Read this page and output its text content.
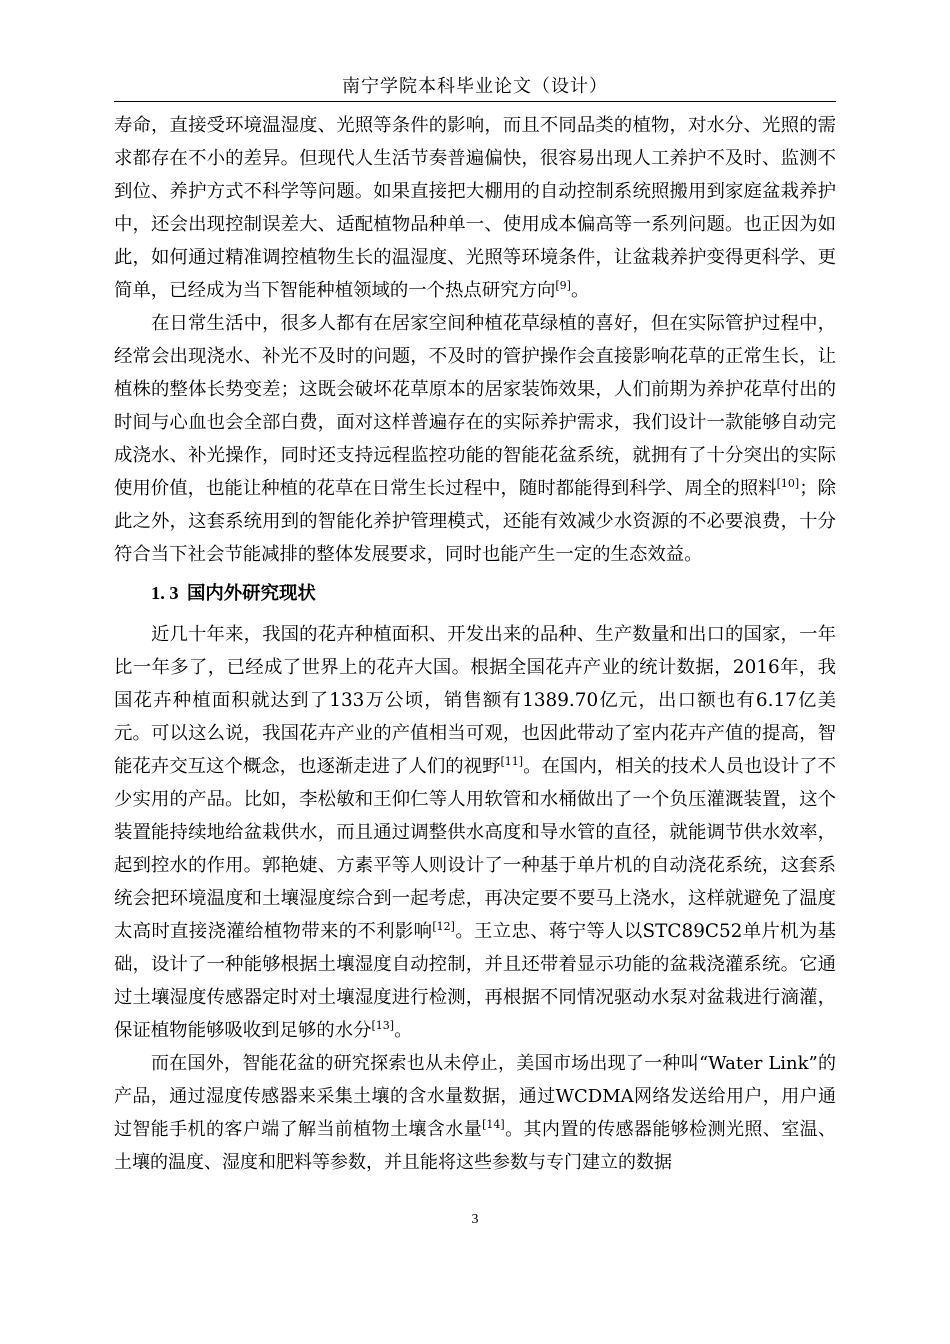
南宁学院本科毕业论文（设计）

寿命，直接受环境温湿度、光照等条件的影响，而且不同品类的植物，对水分、光照的需求都存在不小的差异。但现代人生活节奏普遍偏快，很容易出现人工养护不及时、监测不到位、养护方式不科学等问题。如果直接把大棚用的自动控制系统照搬用到家庭盆栽养护中，还会出现控制误差大、适配植物品种单一、使用成本偏高等一系列问题。也正因为如此，如何通过精准调控植物生长的温湿度、光照等环境条件，让盆栽养护变得更科学、更简单，已经成为当下智能种植领域的一个热点研究方向[9]。

在日常生活中，很多人都有在居家空间种植花草绿植的喜好，但在实际管护过程中，经常会出现浇水、补光不及时的问题，不及时的管护操作会直接影响花草的正常生长，让植株的整体长势变差；这既会破坏花草原本的居家装饰效果，人们前期为养护花草付出的时间与心血也会全部白费，面对这样普遍存在的实际养护需求，我们设计一款能够自动完成浇水、补光操作，同时还支持远程监控功能的智能花盆系统，就拥有了十分突出的实际使用价值，也能让种植的花草在日常生长过程中，随时都能得到科学、周全的照料[10]；除此之外，这套系统用到的智能化养护管理模式，还能有效减少水资源的不必要浪费，十分符合当下社会节能减排的整体发展要求，同时也能产生一定的生态效益。

1. 3 国内外研究现状

近几十年来，我国的花卉种植面积、开发出来的品种、生产数量和出口的国家，一年比一年多了，已经成了世界上的花卉大国。根据全国花卉产业的统计数据，2016年，我国花卉种植面积就达到了133万公顷，销售额有1389.70亿元，出口额也有6.17亿美元。可以这么说，我国花卉产业的产值相当可观，也因此带动了室内花卉产值的提高，智能花卉交互这个概念，也逐渐走进了人们的视野[11]。在国内，相关的技术人员也设计了不少实用的产品。比如，李松敏和王仰仁等人用软管和水桶做出了一个负压灌溉装置，这个装置能持续地给盆栽供水，而且通过调整供水高度和导水管的直径，就能调节供水效率，起到控水的作用。郭艳婕、方素平等人则设计了一种基于单片机的自动浇花系统，这套系统会把环境温度和土壤湿度综合到一起考虑，再决定要不要马上浇水，这样就避免了温度太高时直接浇灌给植物带来的不利影响[12]。王立忠、蒋宁等人以STC89C52单片机为基础，设计了一种能够根据土壤湿度自动控制，并且还带着显示功能的盆栽浇灌系统。它通过土壤湿度传感器定时对土壤湿度进行检测，再根据不同情况驱动水泵对盆栽进行滴灌，保证植物能够吸收到足够的水分[13]。

而在国外，智能花盆的研究探索也从未停止，美国市场出现了一种叫“Water Link”的产品，通过湿度传感器来采集土壤的含水量数据，通过WCDMA网络发送给用户，用户通过智能手机的客户端了解当前植物土壤含水量[14]。其内置的传感器能够检测光照、室温、土壤的温度、湿度和肥料等参数，并且能将这些参数与专门建立的数据

3
